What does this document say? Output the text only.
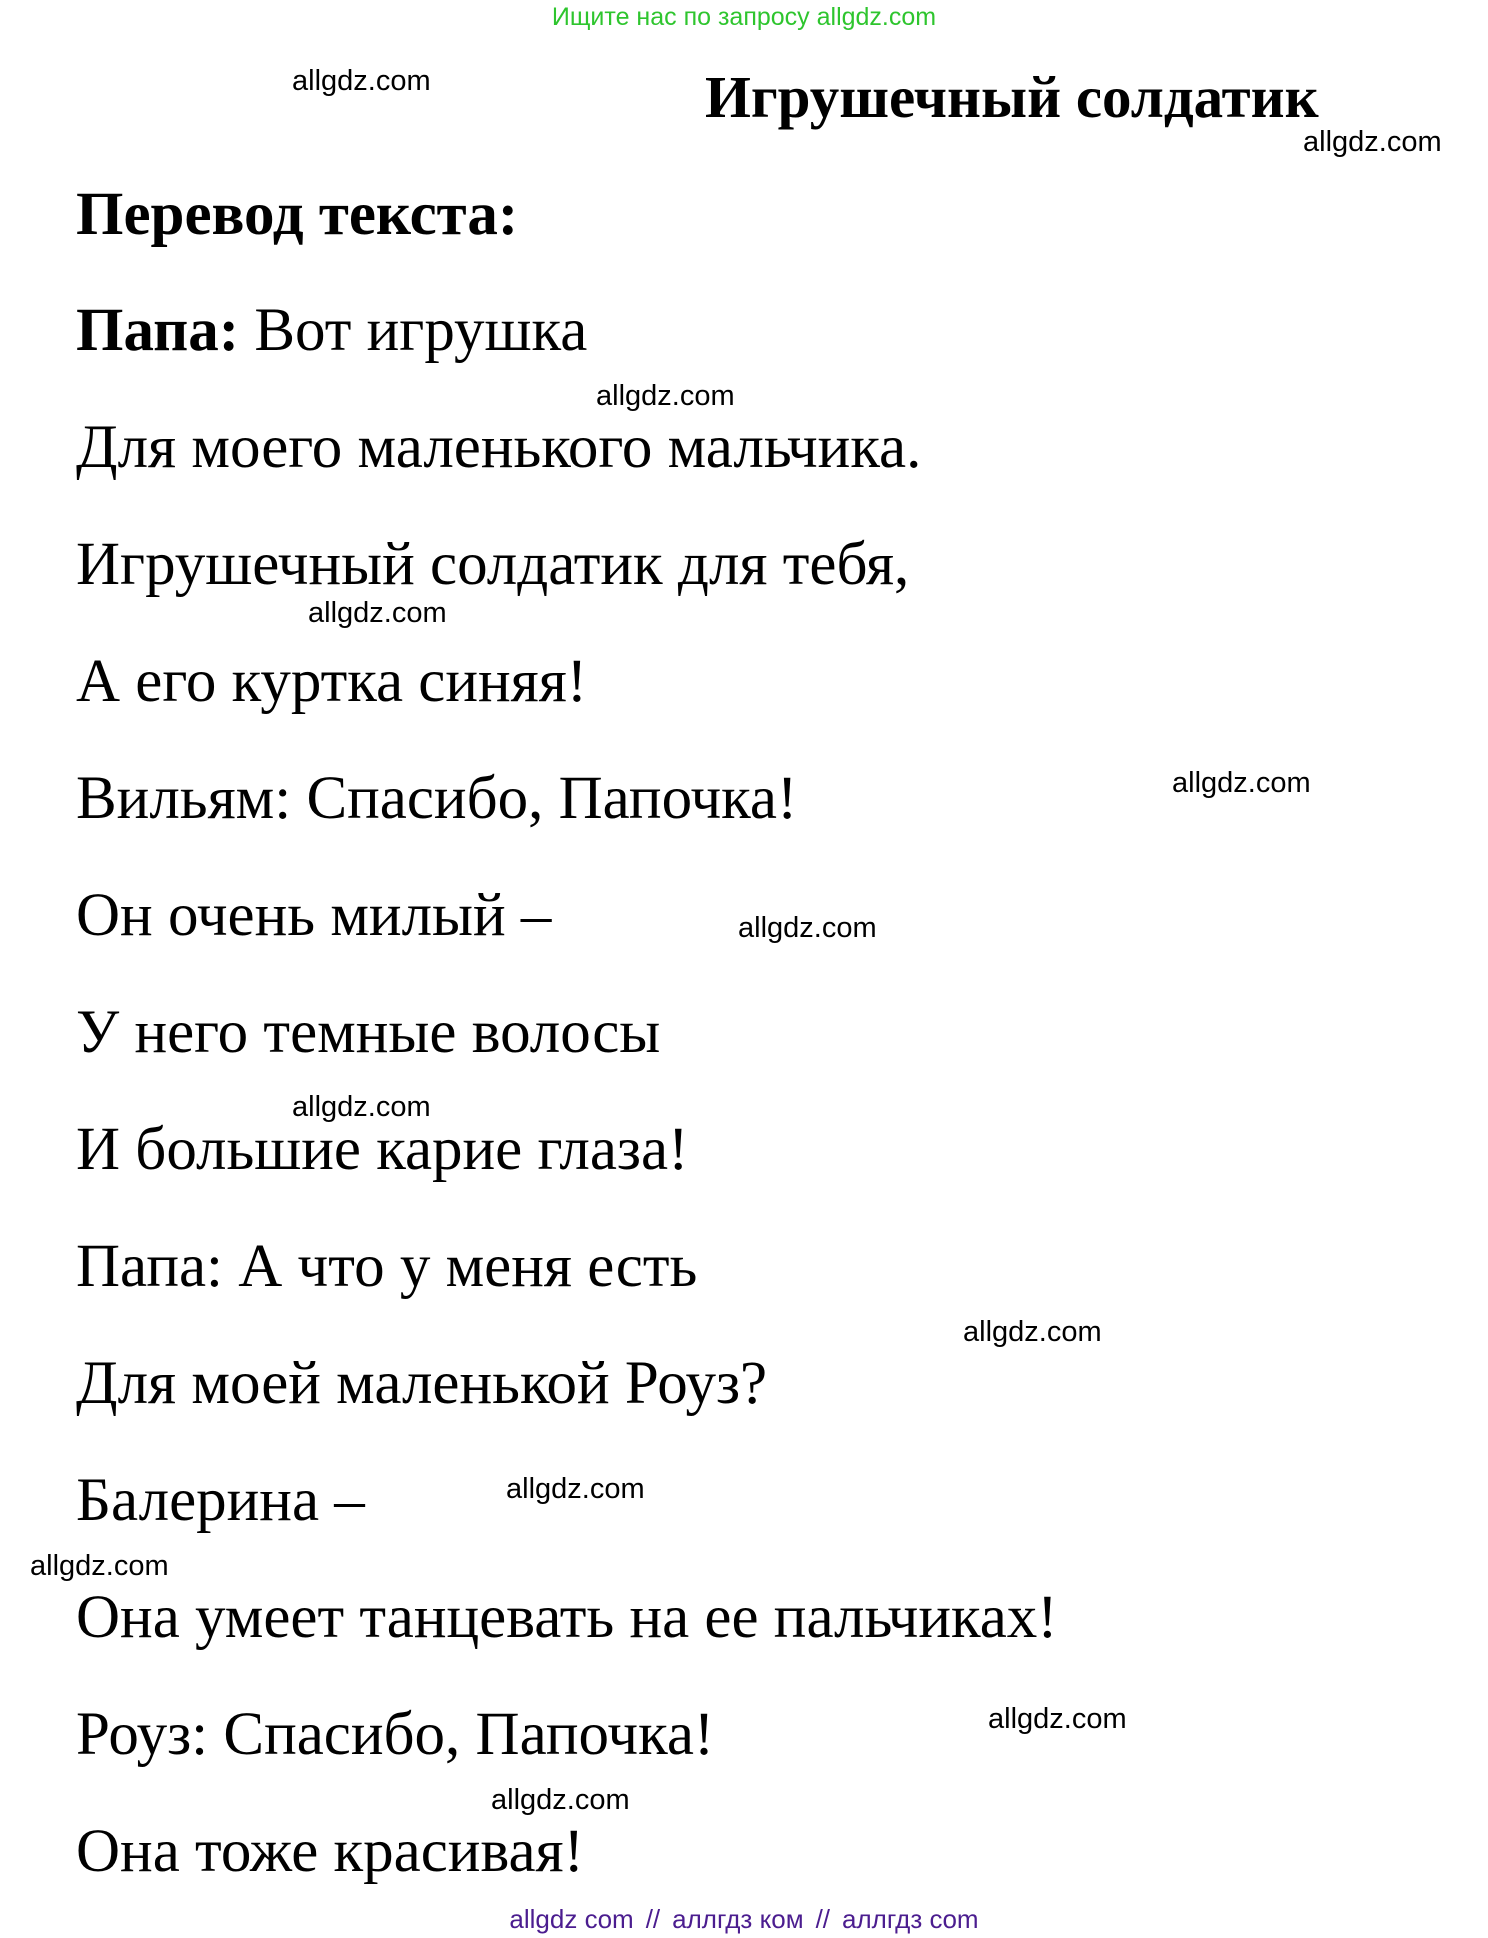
Ищите нас по запросу allgdz.com
Игрушечный солдатик
allgdz.com
allgdz.com
Перевод текста:
Папа: Вот игрушка
allgdz.com
Для моего маленького мальчика.
Игрушечный солдатик для тебя,
allgdz.com
А его куртка синяя!
Вильям: Спасибо, Папочка!	allgdz.com
Он очень милый –	allgdz.com
У него темные волосы
allgdz.com
И большие карие глаза!
Папа: А что у меня есть
allgdz.com
Для моей маленькой Роуз?
Балерина –	allgdz.com
allgdz.com
Она умеет танцевать на ее пальчиках!
Роуз: Спасибо, Папочка!	allgdz.com
allgdz.com
Она тоже красивая!
allgdz com // аллгдз ком // аллгдз com
